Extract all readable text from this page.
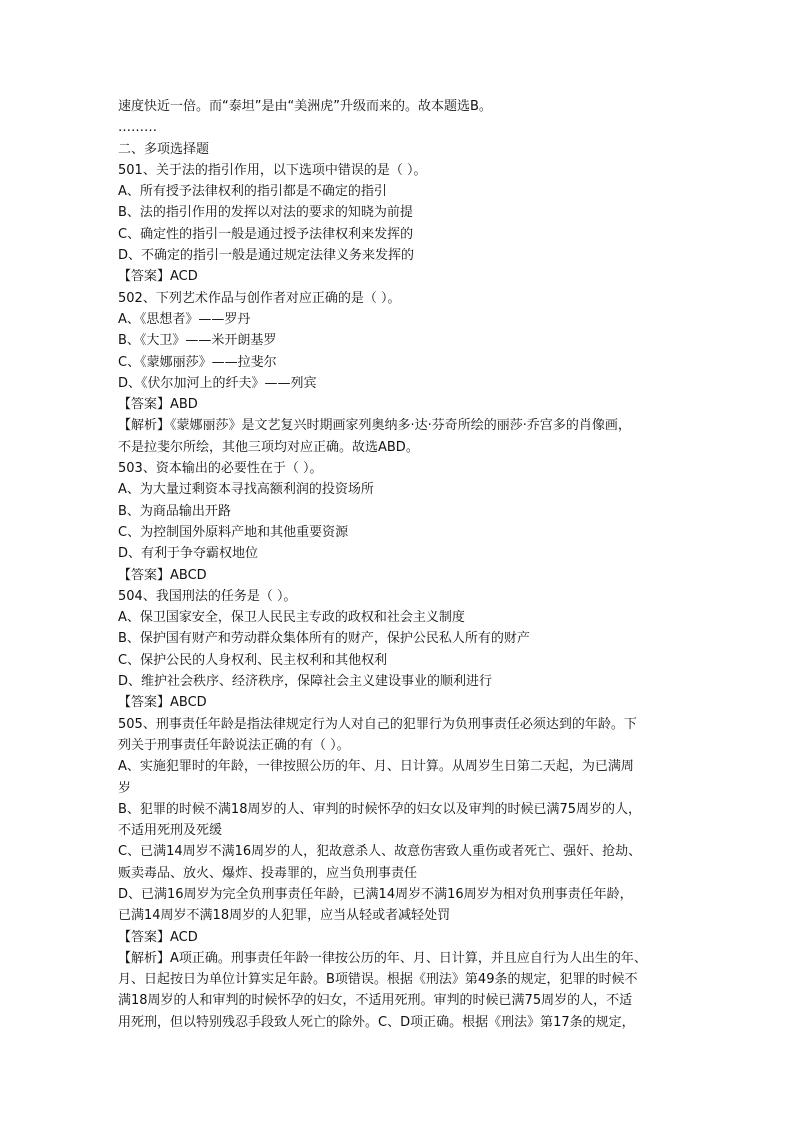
速度快近一倍。而“泰坦”是由“美洲虎”升级而来的。故本题选B。

………

二、多项选择题

501、关于法的指引作用，以下选项中错误的是（ ）。

A、所有授予法律权利的指引都是不确定的指引

B、法的指引作用的发挥以对法的要求的知晓为前提

C、确定性的指引一般是通过授予法律权利来发挥的

D、不确定的指引一般是通过规定法律义务来发挥的

【答案】ACD

502、下列艺术作品与创作者对应正确的是（ ）。

A、《思想者》——罗丹

B、《大卫》——米开朗基罗

C、《蒙娜丽莎》——拉斐尔

D、《伏尔加河上的纤夫》——列宾

【答案】ABD

【解析】《蒙娜丽莎》是文艺复兴时期画家列奥纳多·达·芬奇所绘的丽莎·乔宫多的肖像画，

不是拉斐尔所绘，其他三项均对应正确。故选ABD。

503、资本输出的必要性在于（ ）。

A、为大量过剩资本寻找高额利润的投资场所

B、为商品输出开路

C、为控制国外原料产地和其他重要资源

D、有利于争夺霸权地位

【答案】ABCD

504、我国刑法的任务是（ ）。

A、保卫国家安全，保卫人民民主专政的政权和社会主义制度

B、保护国有财产和劳动群众集体所有的财产，保护公民私人所有的财产

C、保护公民的人身权利、民主权利和其他权利

D、维护社会秩序、经济秩序，保障社会主义建设事业的顺利进行

【答案】ABCD

505、刑事责任年龄是指法律规定行为人对自己的犯罪行为负刑事责任必须达到的年龄。下

列关于刑事责任年龄说法正确的有（ ）。

A、实施犯罪时的年龄，一律按照公历的年、月、日计算。从周岁生日第二天起，为已满周

岁

B、犯罪的时候不满18周岁的人、审判的时候怀孕的妇女以及审判的时候已满75周岁的人，

不适用死刑及死缓

C、已满14周岁不满16周岁的人，犯故意杀人、故意伤害致人重伤或者死亡、强奸、抢劫、

贩卖毒品、放火、爆炸、投毒罪的，应当负刑事责任

D、已满16周岁为完全负刑事责任年龄，已满14周岁不满16周岁为相对负刑事责任年龄，

已满14周岁不满18周岁的人犯罪，应当从轻或者减轻处罚

【答案】ACD

【解析】A项正确。刑事责任年龄一律按公历的年、月、日计算，并且应自行为人出生的年、

月、日起按日为单位计算实足年龄。B项错误。根据《刑法》第49条的规定，犯罪的时候不

满18周岁的人和审判的时候怀孕的妇女，不适用死刑。审判的时候已满75周岁的人，不适

用死刑，但以特别残忍手段致人死亡的除外。C、D项正确。根据《刑法》第17条的规定，
